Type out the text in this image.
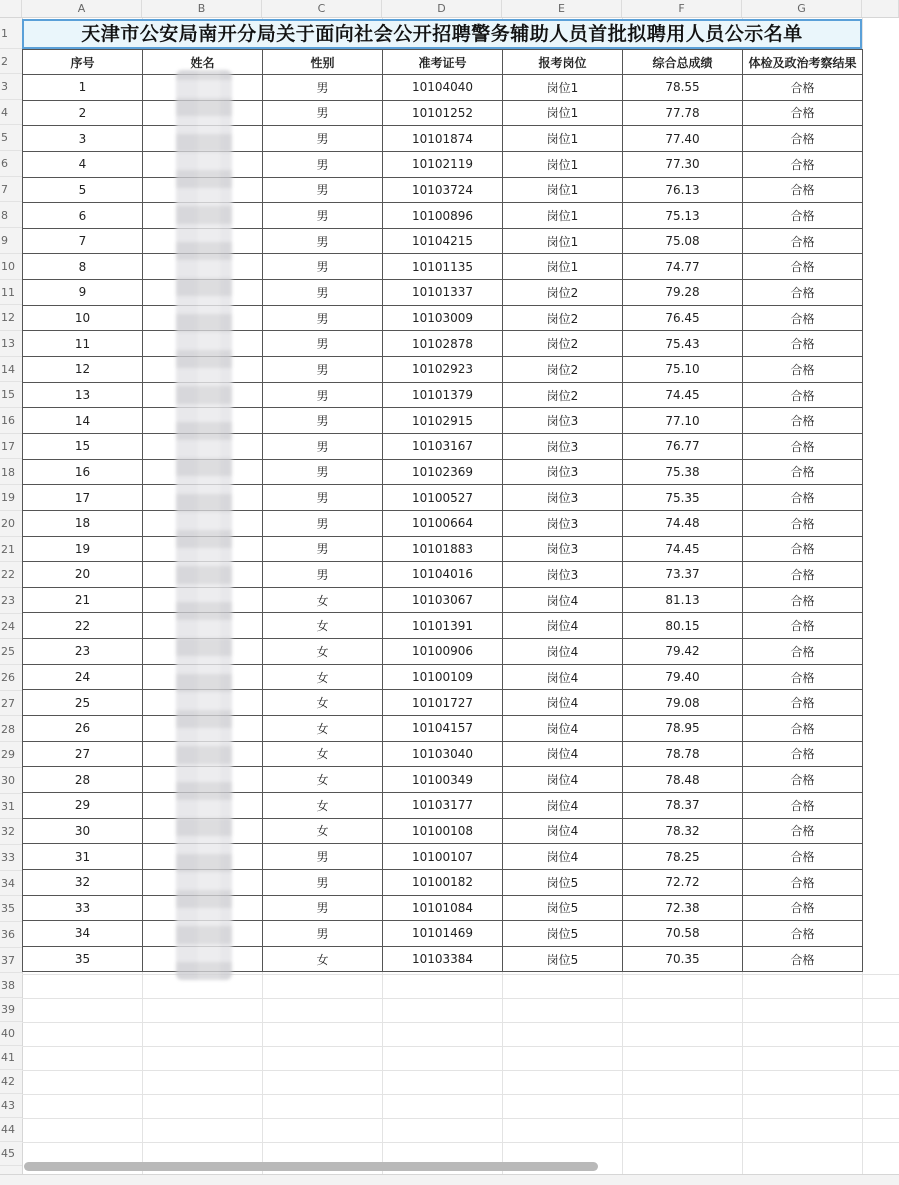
A	B	C	D	E	F	G
1
2
3
4
5
6
7
8
9
10
11
12
13
14
15
16
17
18
19
20
21
22
23
24
25
26
27
28
29
30
31
32
33
34
35
36
37
38
39
40
41
42
43
44
45
天津市公安局南开分局关于面向社会公开招聘警务辅助人员首批拟聘用人员公示名单
序号	姓名	性别	准考证号	报考岗位	综合总成绩	体检及政治考察结果
1		男	10104040	岗位1	78.55	合格
2		男	10101252	岗位1	77.78	合格
3		男	10101874	岗位1	77.40	合格
4		男	10102119	岗位1	77.30	合格
5		男	10103724	岗位1	76.13	合格
6		男	10100896	岗位1	75.13	合格
7		男	10104215	岗位1	75.08	合格
8		男	10101135	岗位1	74.77	合格
9		男	10101337	岗位2	79.28	合格
10		男	10103009	岗位2	76.45	合格
11		男	10102878	岗位2	75.43	合格
12		男	10102923	岗位2	75.10	合格
13		男	10101379	岗位2	74.45	合格
14		男	10102915	岗位3	77.10	合格
15		男	10103167	岗位3	76.77	合格
16		男	10102369	岗位3	75.38	合格
17		男	10100527	岗位3	75.35	合格
18		男	10100664	岗位3	74.48	合格
19		男	10101883	岗位3	74.45	合格
20		男	10104016	岗位3	73.37	合格
21		女	10103067	岗位4	81.13	合格
22		女	10101391	岗位4	80.15	合格
23		女	10100906	岗位4	79.42	合格
24		女	10100109	岗位4	79.40	合格
25		女	10101727	岗位4	79.08	合格
26		女	10104157	岗位4	78.95	合格
27		女	10103040	岗位4	78.78	合格
28		女	10100349	岗位4	78.48	合格
29		女	10103177	岗位4	78.37	合格
30		女	10100108	岗位4	78.32	合格
31		男	10100107	岗位4	78.25	合格
32		男	10100182	岗位5	72.72	合格
33		男	10101084	岗位5	72.38	合格
34		男	10101469	岗位5	70.58	合格
35		女	10103384	岗位5	70.35	合格
